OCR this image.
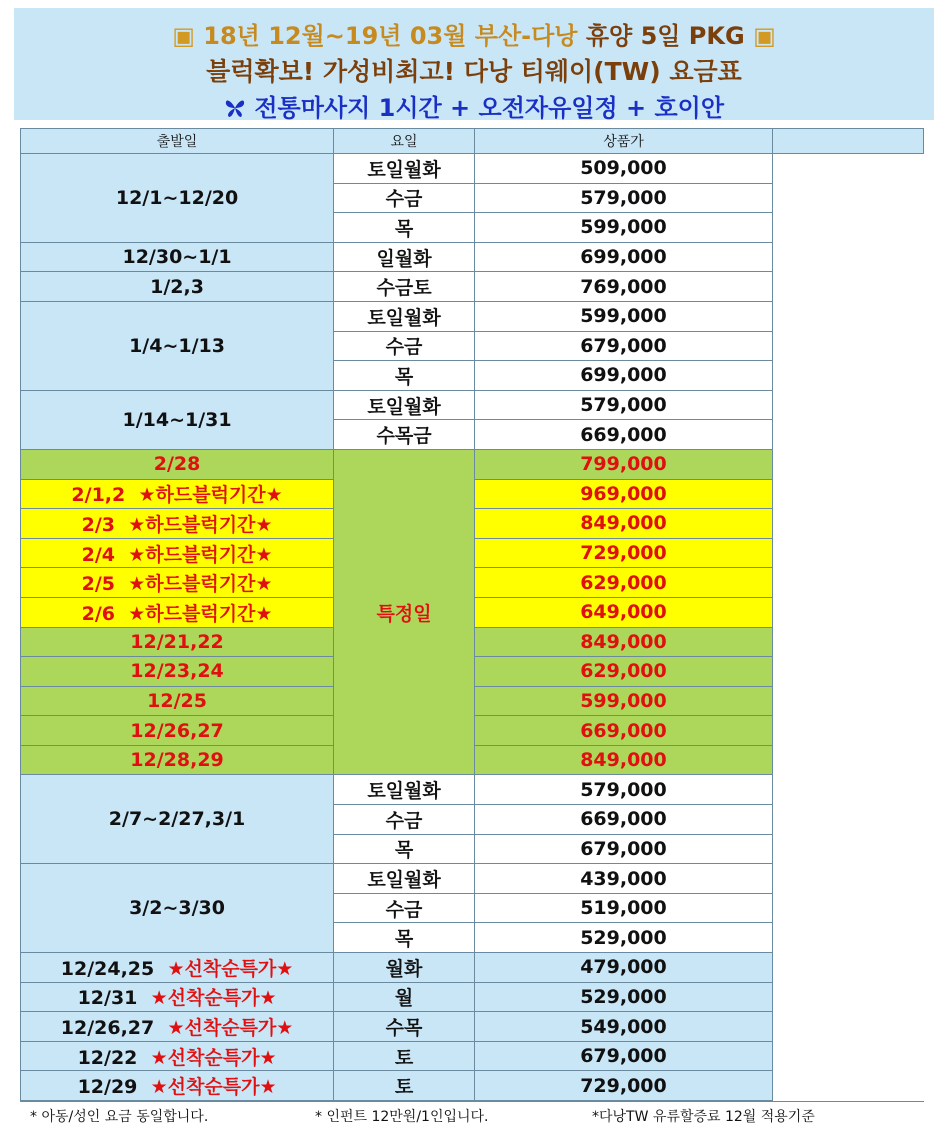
▣ 18년 12월~19년 03월 부산-다낭 휴양 5일 PKG ▣
블럭확보! 가성비최고! 다낭 티웨이(TW) 요금표
전통마사지 1시간 + 오전자유일정 + 호이안
출발일	요일	상품가	
12/1~12/20	토일월화	509,000	
	수금	579,000	
	목	599,000	
12/30~1/1	일월화	699,000	
1/2,3	수금토	769,000	
1/4~1/13	토일월화	599,000	
	수금	679,000	
	목	699,000	
1/14~1/31	토일월화	579,000	
	수목금	669,000	
2/28	특정일	799,000	
2/1,2 ★하드블럭기간★		969,000	
2/3 ★하드블럭기간★		849,000	
2/4 ★하드블럭기간★		729,000	
2/5 ★하드블럭기간★		629,000	
2/6 ★하드블럭기간★		649,000	
12/21,22		849,000	
12/23,24		629,000	
12/25		599,000	
12/26,27		669,000	
12/28,29		849,000	
2/7~2/27,3/1	토일월화	579,000	
	수금	669,000	
	목	679,000	
3/2~3/30	토일월화	439,000	
	수금	519,000	
	목	529,000	
12/24,25 ★선착순특가★	월화	479,000	
12/31 ★선착순특가★	월	529,000	
12/26,27 ★선착순특가★	수목	549,000	
12/22 ★선착순특가★	토	679,000	
12/29 ★선착순특가★	토	729,000	
* 아동/성인 요금 동일합니다.	* 인펀트 12만원/1인입니다.	*다낭TW 유류할증료 12월 적용기준
